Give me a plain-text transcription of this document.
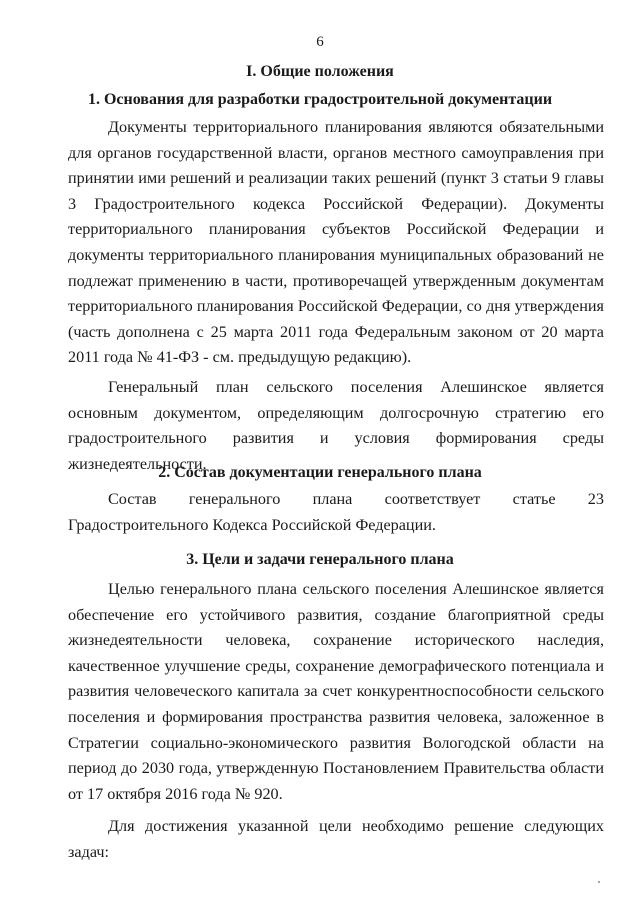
6
I. Общие положения
1. Основания для разработки градостроительной документации
Документы территориального планирования являются обязательными для органов государственной власти, органов местного самоуправления при принятии ими решений и реализации таких решений (пункт 3 статьи 9 главы 3 Градостроительного кодекса Российской Федерации). Документы территориального планирования субъектов Российской Федерации и документы территориального планирования муниципальных образований не подлежат применению в части, противоречащей утвержденным документам территориального планирования Российской Федерации, со дня утверждения (часть дополнена с 25 марта 2011 года Федеральным законом от 20 марта 2011 года № 41-ФЗ - см. предыдущую редакцию).
Генеральный план сельского поселения Алешинское является основным документом, определяющим долгосрочную стратегию его градостроительного развития и условия формирования среды жизнедеятельности.
2. Состав документации генерального плана
Состав генерального плана соответствует статье 23 Градостроительного Кодекса Российской Федерации.
3. Цели и задачи генерального плана
Целью генерального плана сельского поселения Алешинское является обеспечение его устойчивого развития, создание благоприятной среды жизнедеятельности человека, сохранение исторического наследия, качественное улучшение среды, сохранение демографического потенциала и развития человеческого капитала за счет конкурентноспособности сельского поселения и формирования пространства развития человека, заложенное в Стратегии социально-экономического развития Вологодской области на период до 2030 года, утвержденную Постановлением Правительства области от 17 октября 2016 года № 920.
Для достижения указанной цели необходимо решение следующих задач:
